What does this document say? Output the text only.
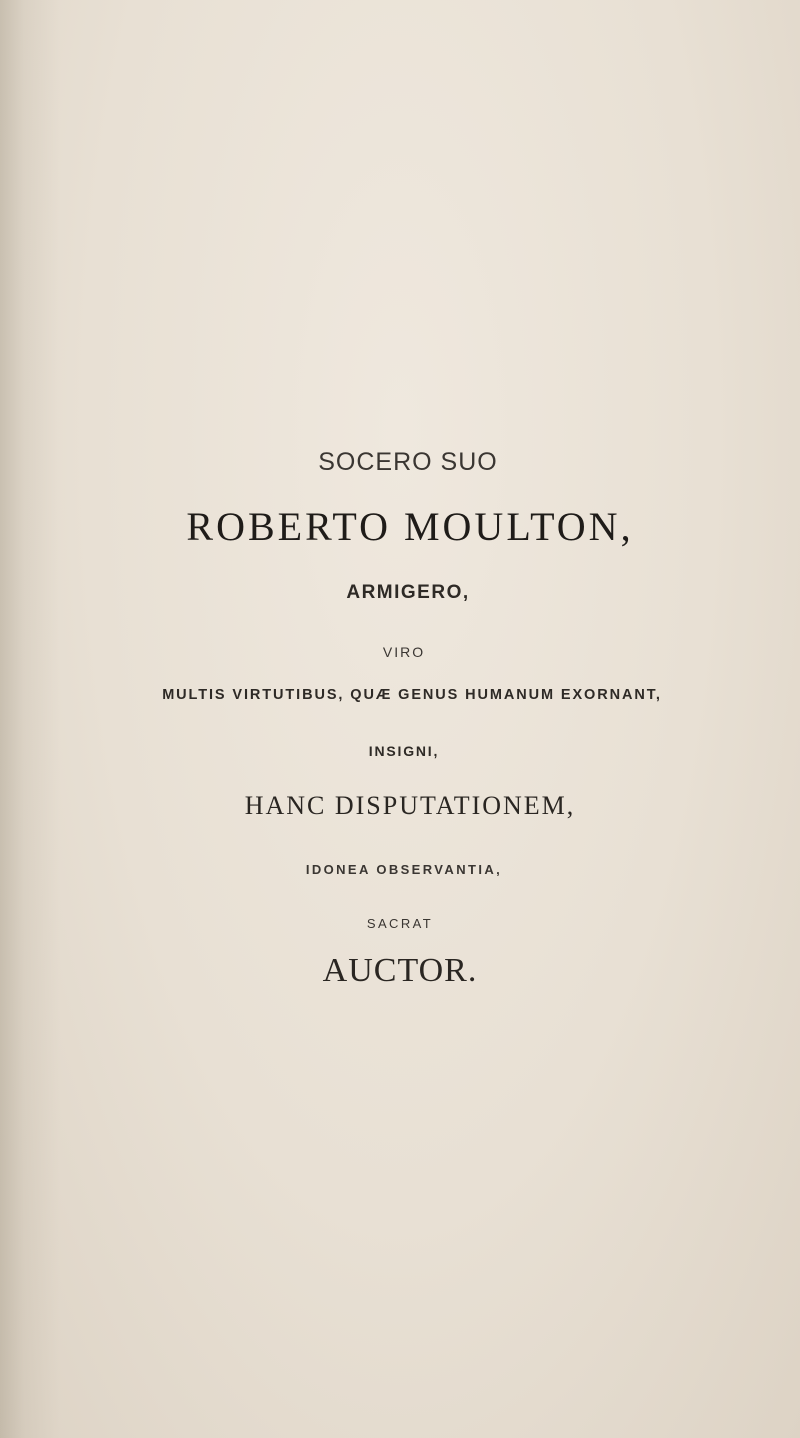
SOCERO SUO

ROBERTO MOULTON,

ARMIGERO,

VIRO

MULTIS VIRTUTIBUS, QUÆ GENUS HUMANUM EXORNANT,

INSIGNI,

HANC DISPUTATIONEM,

IDONEA OBSERVANTIA,

SACRAT

AUCTOR.
